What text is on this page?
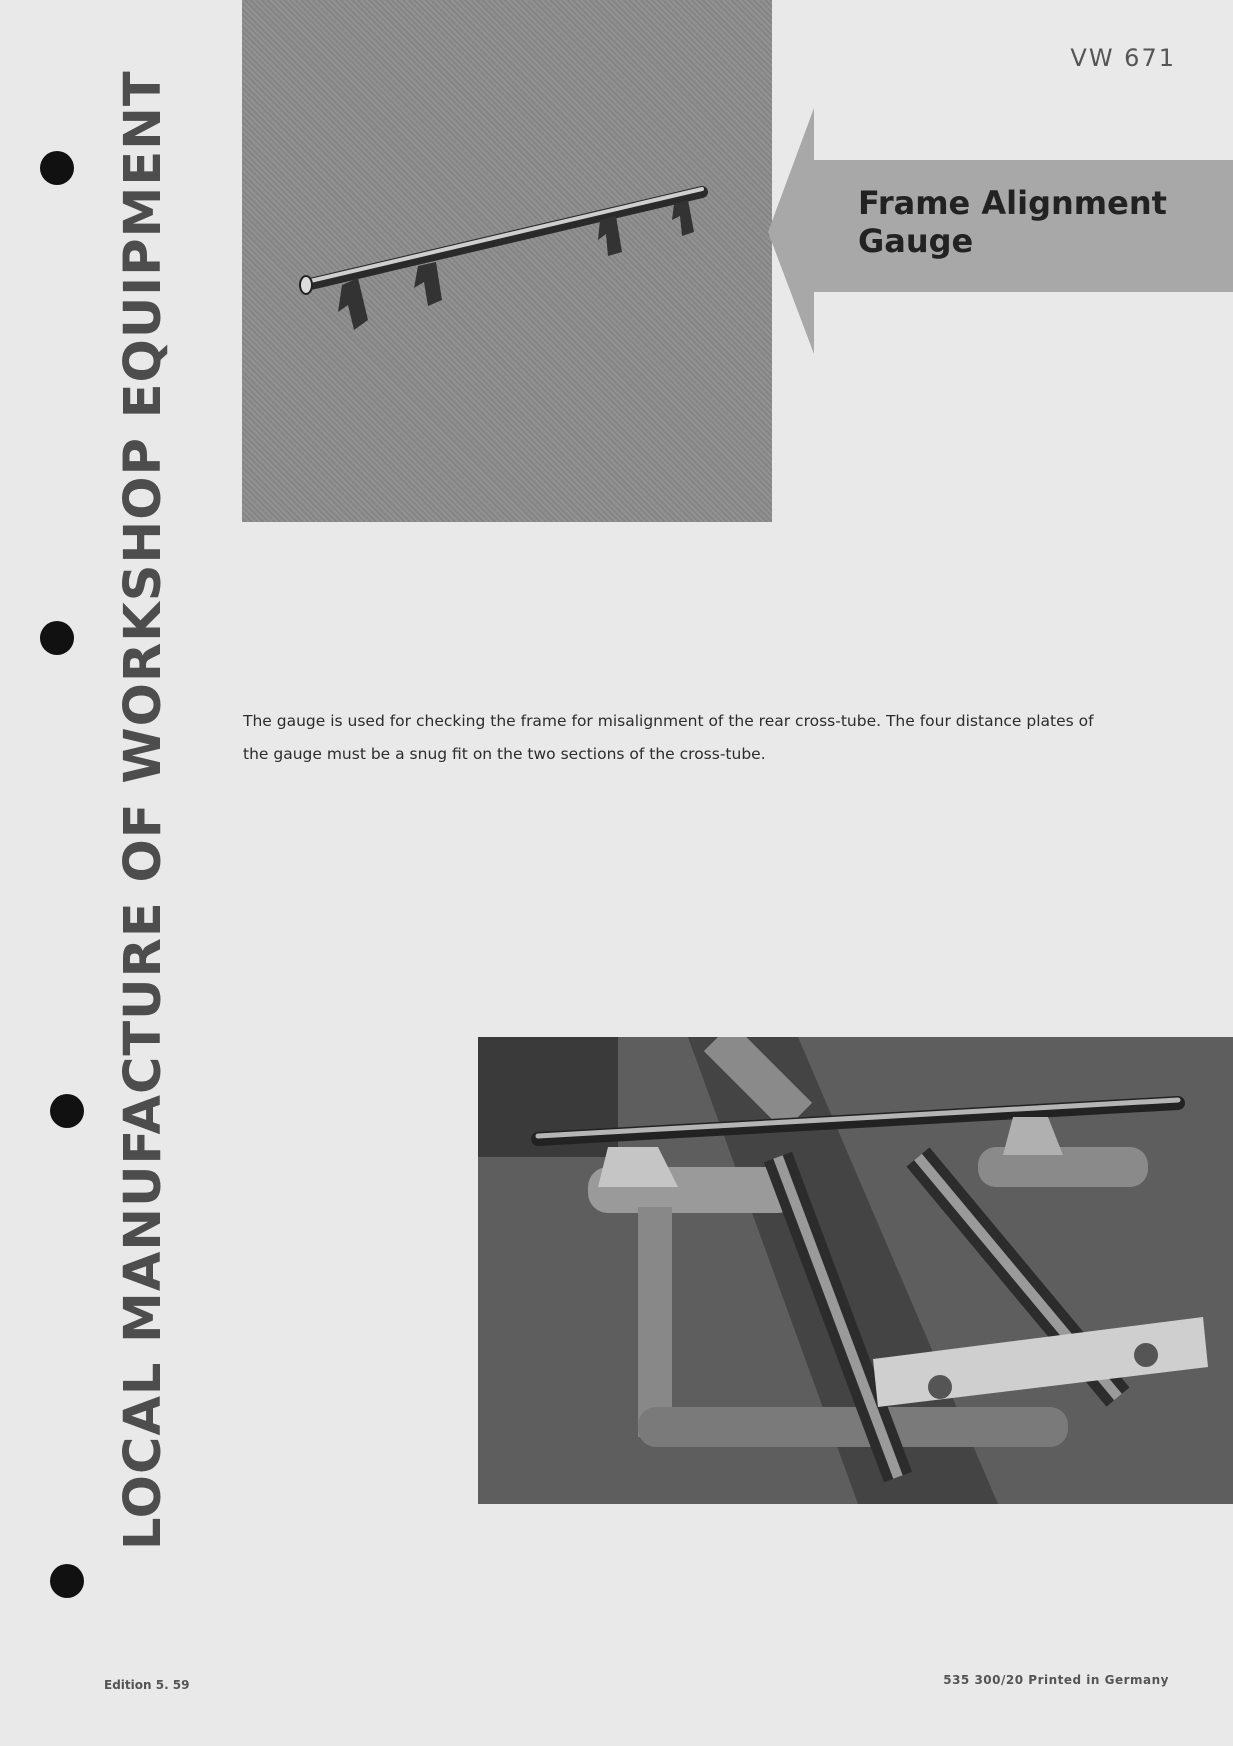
LOCAL MANUFACTURE OF WORKSHOP EQUIPMENT
VW 671
Frame Alignment
Gauge
The gauge is used for checking the frame for misalignment of the rear cross-tube. The four distance plates of the gauge must be a snug fit on the two sections of the cross-tube.
Edition 5. 59	535 300/20 Printed in Germany
